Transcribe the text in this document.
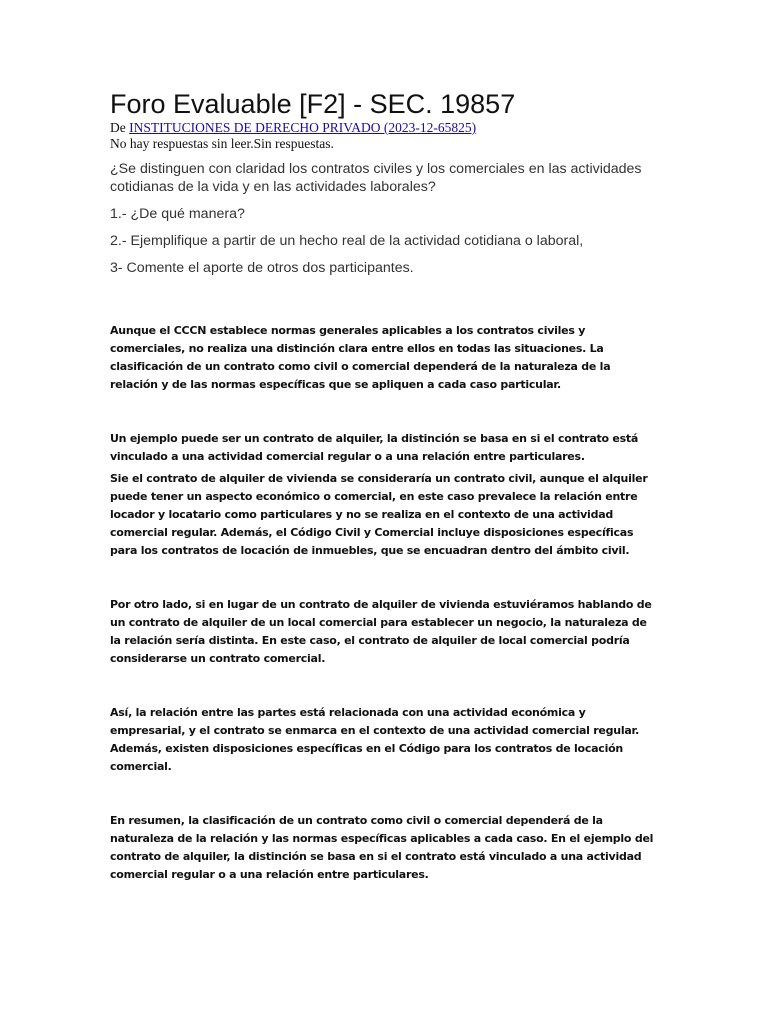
Foro Evaluable [F2] - SEC. 19857

De INSTITUCIONES DE DERECHO PRIVADO (2023-12-65825)

No hay respuestas sin leer.Sin respuestas.

¿Se distinguen con claridad los contratos civiles y los comerciales en las actividades cotidianas de la vida y en las actividades laborales?

1.- ¿De qué manera?

2.- Ejemplifique a partir de un hecho real de la actividad cotidiana o laboral,

3- Comente el aporte de otros dos participantes.

Aunque el CCCN establece normas generales aplicables a los contratos civiles y comerciales, no realiza una distinción clara entre ellos en todas las situaciones. La clasificación de un contrato como civil o comercial dependerá de la naturaleza de la relación y de las normas específicas que se apliquen a cada caso particular.

Un ejemplo puede ser un contrato de alquiler, la distinción se basa en si el contrato está vinculado a una actividad comercial regular o a una relación entre particulares.

Sie el contrato de alquiler de vivienda se consideraría un contrato civil, aunque el alquiler puede tener un aspecto económico o comercial, en este caso prevalece la relación entre locador y locatario como particulares y no se realiza en el contexto de una actividad comercial regular. Además, el Código Civil y Comercial incluye disposiciones específicas para los contratos de locación de inmuebles, que se encuadran dentro del ámbito civil.

Por otro lado, si en lugar de un contrato de alquiler de vivienda estuviéramos hablando de un contrato de alquiler de un local comercial para establecer un negocio, la naturaleza de la relación sería distinta. En este caso, el contrato de alquiler de local comercial podría considerarse un contrato comercial.

Así, la relación entre las partes está relacionada con una actividad económica y empresarial, y el contrato se enmarca en el contexto de una actividad comercial regular. Además, existen disposiciones específicas en el Código para los contratos de locación comercial.

En resumen, la clasificación de un contrato como civil o comercial dependerá de la naturaleza de la relación y las normas específicas aplicables a cada caso. En el ejemplo del contrato de alquiler, la distinción se basa en si el contrato está vinculado a una actividad comercial regular o a una relación entre particulares.
